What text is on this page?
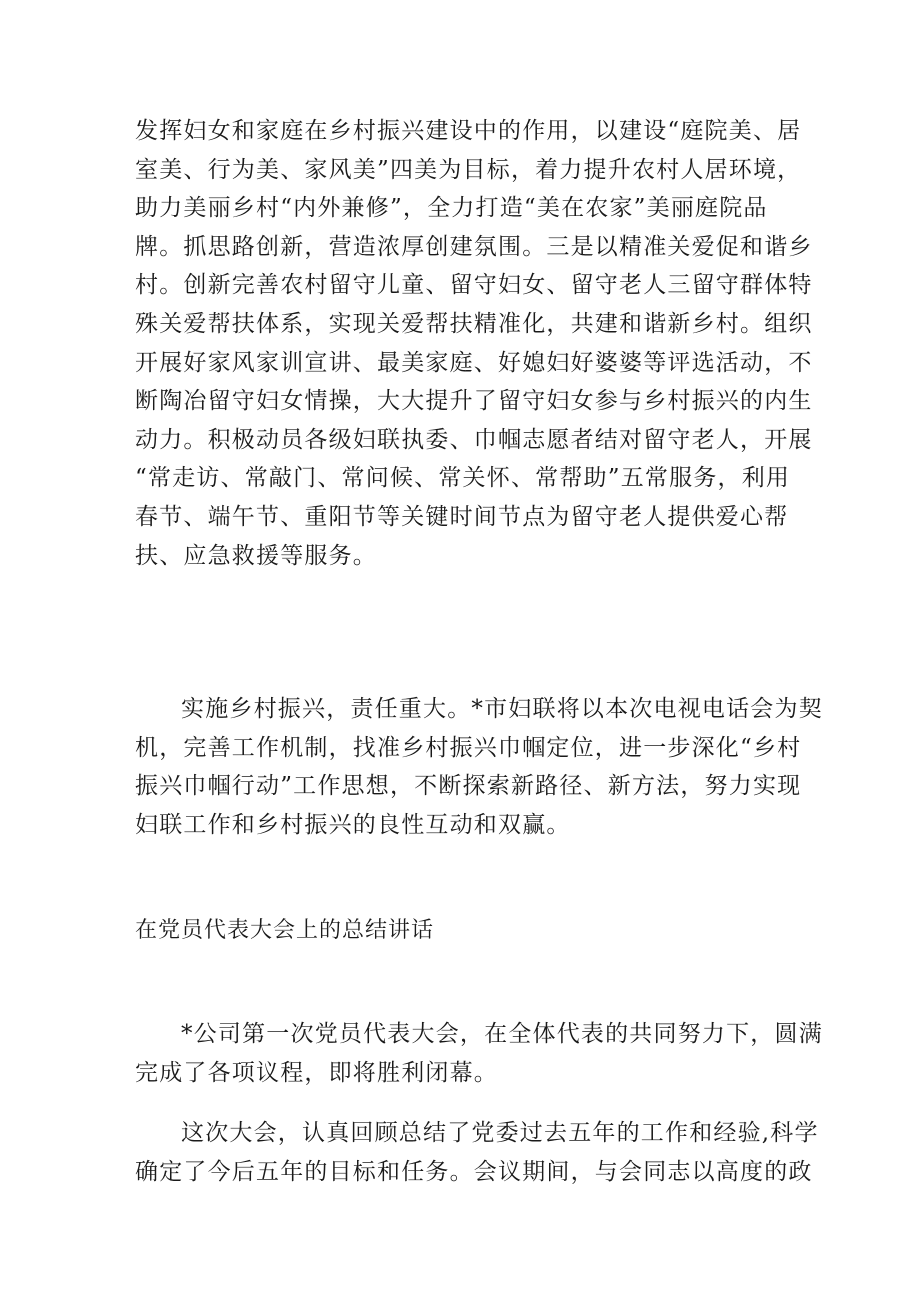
发挥妇女和家庭在乡村振兴建设中的作用，以建设“庭院美、居
室美、行为美、家风美”四美为目标，着力提升农村人居环境，
助力美丽乡村“内外兼修”，全力打造“美在农家”美丽庭院品
牌。抓思路创新，营造浓厚创建氛围。三是以精准关爱促和谐乡
村。创新完善农村留守儿童、留守妇女、留守老人三留守群体特
殊关爱帮扶体系，实现关爱帮扶精准化，共建和谐新乡村。组织
开展好家风家训宣讲、最美家庭、好媳妇好婆婆等评选活动，不
断陶冶留守妇女情操，大大提升了留守妇女参与乡村振兴的内生
动力。积极动员各级妇联执委、巾帼志愿者结对留守老人，开展
“常走访、常敲门、常问候、常关怀、常帮助”五常服务，利用
春节、端午节、重阳节等关键时间节点为留守老人提供爱心帮
扶、应急救援等服务。
实施乡村振兴，责任重大。*市妇联将以本次电视电话会为契
机，完善工作机制，找准乡村振兴巾帼定位，进一步深化“乡村
振兴巾帼行动”工作思想，不断探索新路径、新方法，努力实现
妇联工作和乡村振兴的良性互动和双赢。
在党员代表大会上的总结讲话
*公司第一次党员代表大会，在全体代表的共同努力下，圆满
完成了各项议程，即将胜利闭幕。
这次大会，认真回顾总结了党委过去五年的工作和经验,科学
确定了今后五年的目标和任务。会议期间，与会同志以高度的政
